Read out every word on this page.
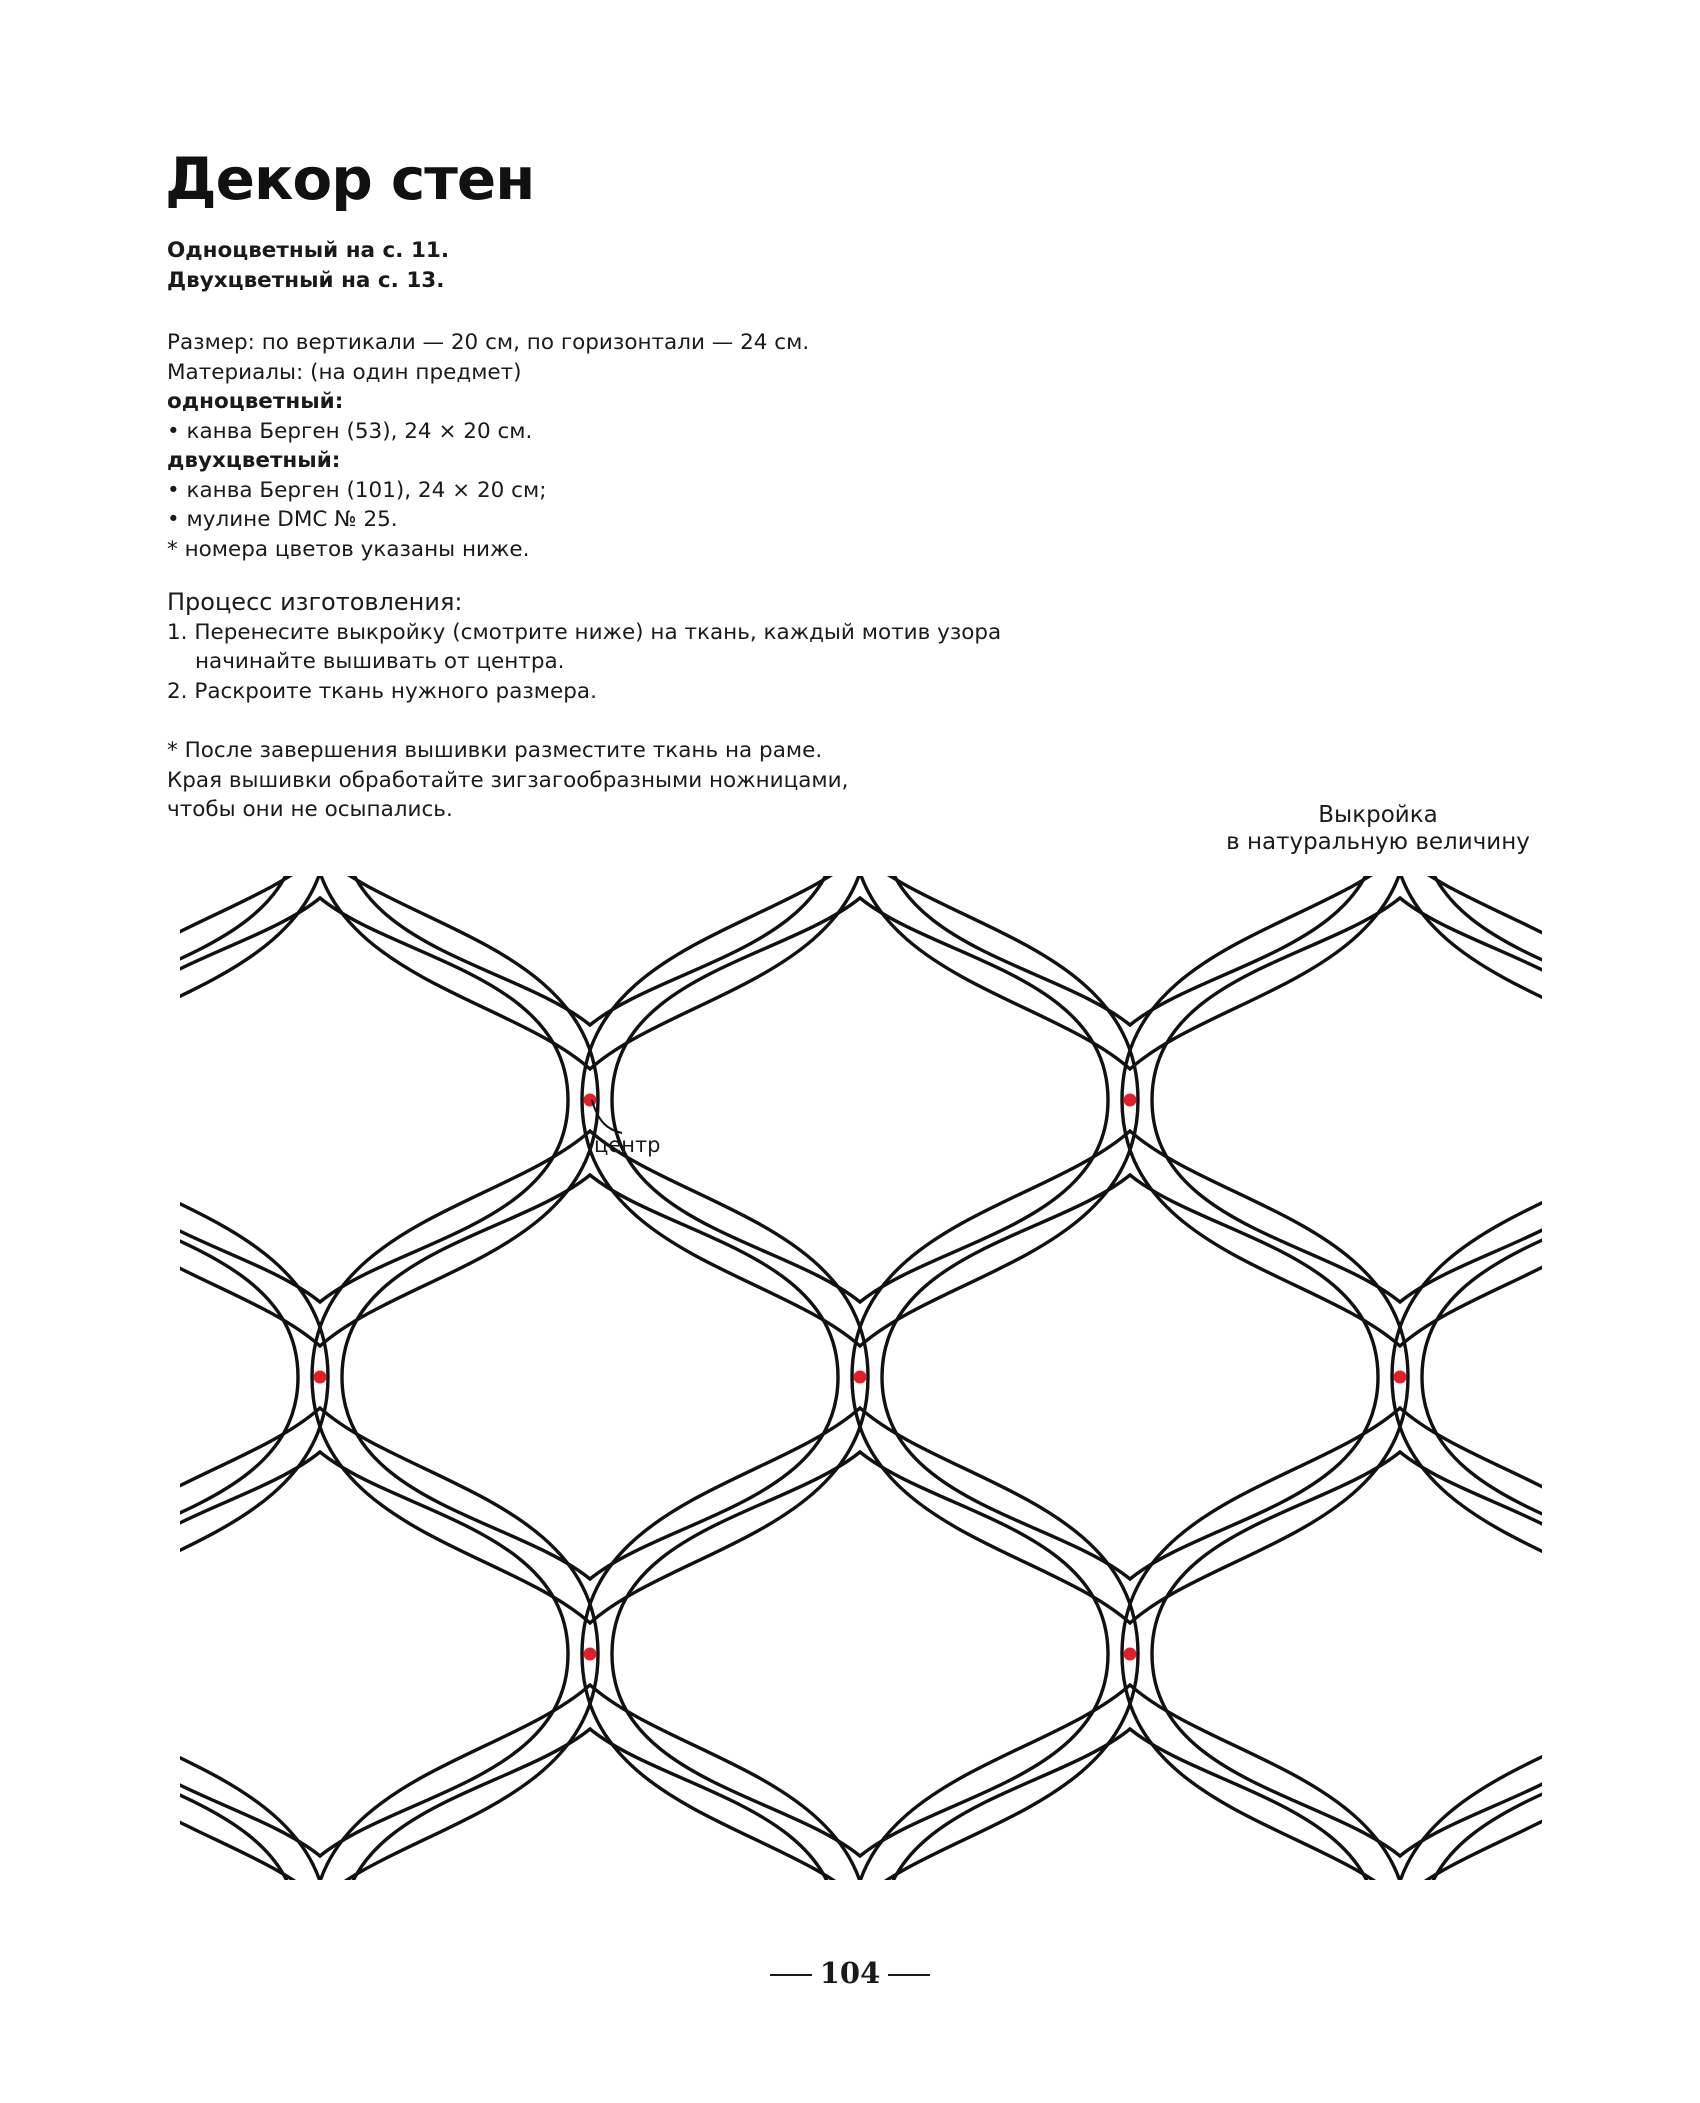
Декор стен
Одноцветный на с. 11.
Двухцветный на с. 13.
Размер: по вертикали — 20 см, по горизонтали — 24 см.
Материалы: (на один предмет)
одноцветный:
• канва Берген (53), 24 × 20 см.
двухцветный:
• канва Берген (101), 24 × 20 см;
• мулине DMC № 25.
* номера цветов указаны ниже.
Процесс изготовления:
1. Перенесите выкройку (смотрите ниже) на ткань, каждый мотив узора
начинайте вышивать от центра.
2. Раскроите ткань нужного размера.
* После завершения вышивки разместите ткань на раме.
Края вышивки обработайте зигзагообразными ножницами,
чтобы они не осыпались.	Выкройка
в натуральную величину
центр
104
